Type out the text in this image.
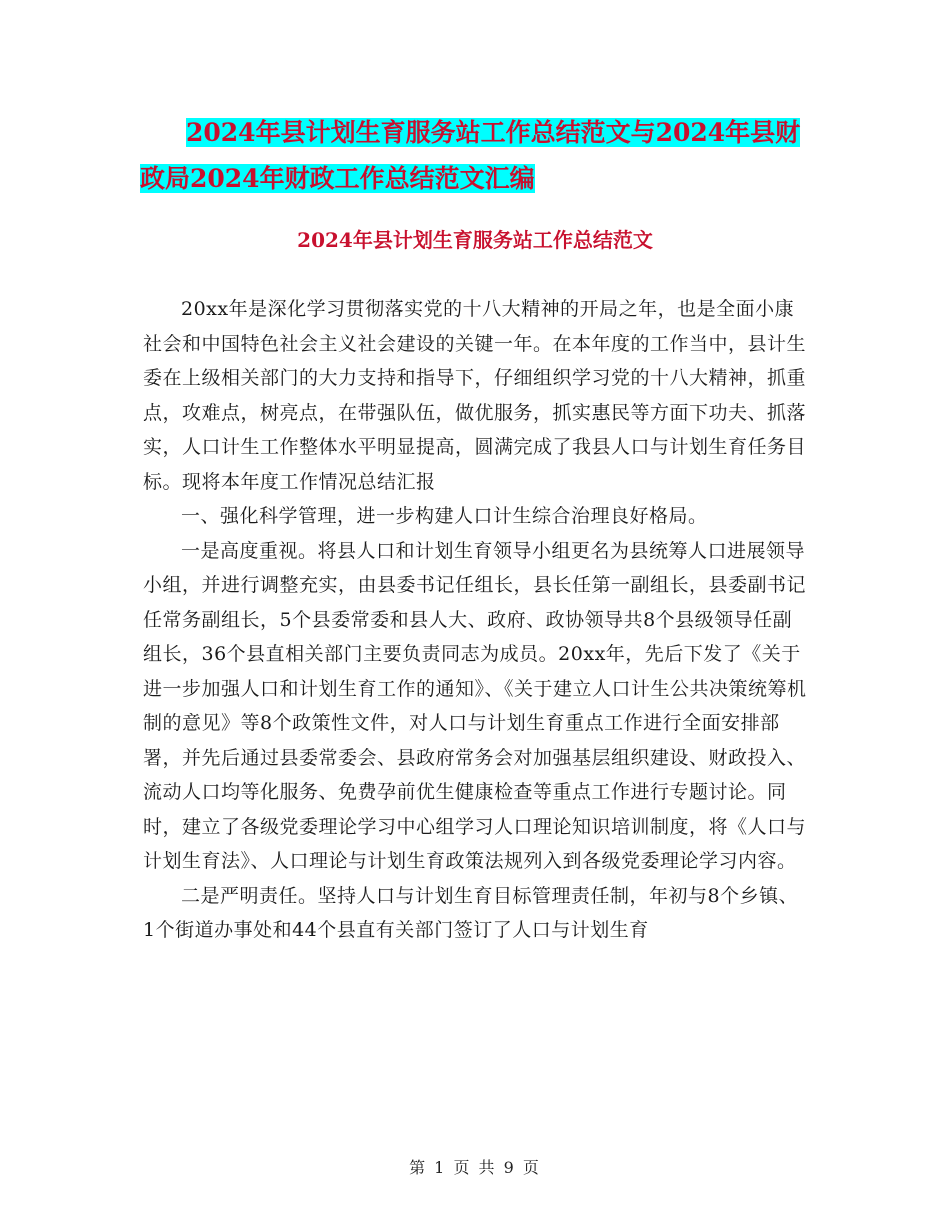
2024年县计划生育服务站工作总结范文与2024年县财
政局2024年财政工作总结范文汇编
2024年县计划生育服务站工作总结范文

20xx年是深化学习贯彻落实党的十八大精神的开局之年，也是全面小康社会和中国特色社会主义社会建设的关键一年。在本年度的工作当中，县计生委在上级相关部门的大力支持和指导下，仔细组织学习党的十八大精神，抓重点，攻难点，树亮点，在带强队伍，做优服务，抓实惠民等方面下功夫、抓落实，人口计生工作整体水平明显提高，圆满完成了我县人口与计划生育任务目标。现将本年度工作情况总结汇报

一、强化科学管理，进一步构建人口计生综合治理良好格局。

一是高度重视。将县人口和计划生育领导小组更名为县统筹人口进展领导小组，并进行调整充实，由县委书记任组长，县长任第一副组长，县委副书记任常务副组长，5个县委常委和县人大、政府、政协领导共8个县级领导任副组长，36个县直相关部门主要负责同志为成员。20xx年，先后下发了《关于进一步加强人口和计划生育工作的通知》、《关于建立人口计生公共决策统筹机制的意见》等8个政策性文件，对人口与计划生育重点工作进行全面安排部署，并先后通过县委常委会、县政府常务会对加强基层组织建设、财政投入、流动人口均等化服务、免费孕前优生健康检查等重点工作进行专题讨论。同时，建立了各级党委理论学习中心组学习人口理论知识培训制度，将《人口与计划生育法》、人口理论与计划生育政策法规列入到各级党委理论学习内容。

二是严明责任。坚持人口与计划生育目标管理责任制，年初与8个乡镇、1个街道办事处和44个县直有关部门签订了人口与计划生育

第 1 页 共 9 页
